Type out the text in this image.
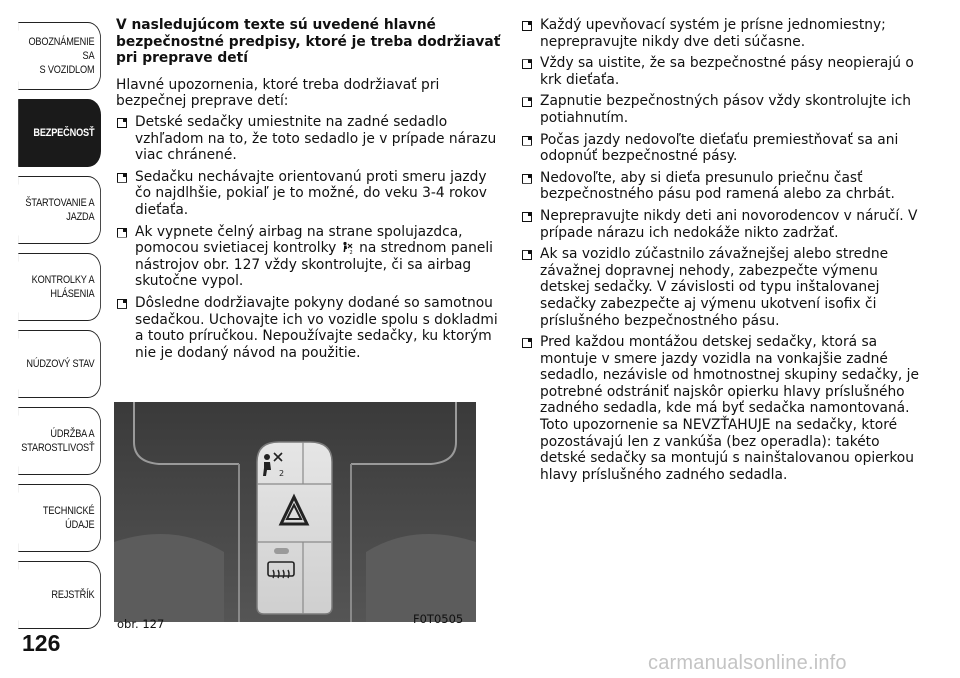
OBOZNÁMENIE SA
S VOZIDLOM
BEZPEČNOSŤ
ŠTARTOVANIE A
JAZDA
KONTROLKY A
HLÁSENIA
NÚDZOVÝ STAV
ÚDRŽBA A
STAROSTLIVOSŤ
TECHNICKÉ ÚDAJE
REJSTŘÍK
126
V nasledujúcom texte sú uvedené hlavné bezpečnostné predpisy, ktoré je treba dodržiavať pri preprave detí
Hlavné upozornenia, ktoré treba dodržiavať pri bezpečnej preprave detí:
Detské sedačky umiestnite na zadné sedadlo vzhľadom na to, že toto sedadlo je v prípade nárazu viac chránené.
Sedačku nechávajte orientovanú proti smeru jazdy čo najdlhšie, pokiaľ je to možné, do veku 3-4 rokov dieťaťa.
Ak vypnete čelný airbag na strane spolujazdca, pomocou svietiacej kontrolky 2 na strednom paneli nástrojov obr. 127 vždy skontrolujte, či sa airbag skutočne vypol.
Dôsledne dodržiavajte pokyny dodané so samotnou sedačkou. Uchovajte ich vo vozidle spolu s dokladmi a touto príručkou. Nepoužívajte sedačky, ku ktorým nie je dodaný návod na použitie.
2
obr. 127	F0T0505
Každý upevňovací systém je prísne jednomiestny; neprepravujte nikdy dve deti súčasne.
Vždy sa uistite, že sa bezpečnostné pásy neopierajú o krk dieťaťa.
Zapnutie bezpečnostných pásov vždy skontrolujte ich potiahnutím.
Počas jazdy nedovoľte dieťaťu premiestňovať sa ani odopnúť bezpečnostné pásy.
Nedovoľte, aby si dieťa presunulo priečnu časť bezpečnostného pásu pod ramená alebo za chrbát.
Neprepravujte nikdy deti ani novorodencov v náručí. V prípade nárazu ich nedokáže nikto zadržať.
Ak sa vozidlo zúčastnilo závažnejšej alebo stredne závažnej dopravnej nehody, zabezpečte výmenu detskej sedačky. V závislosti od typu inštalovanej sedačky zabezpečte aj výmenu ukotvení isofix či príslušného bezpečnostného pásu.
Pred každou montážou detskej sedačky, ktorá sa montuje v smere jazdy vozidla na vonkajšie zadné sedadlo, nezávisle od hmotnostnej skupiny sedačky, je potrebné odstrániť najskôr opierku hlavy príslušného zadného sedadla, kde má byť sedačka namontovaná. Toto upozornenie sa NEVZŤAHUJE na sedačky, ktoré pozostávajú len z vankúša (bez operadla): takéto detské sedačky sa montujú s nainštalovanou opierkou hlavy príslušného zadného sedadla.
carmanualsonline.info
